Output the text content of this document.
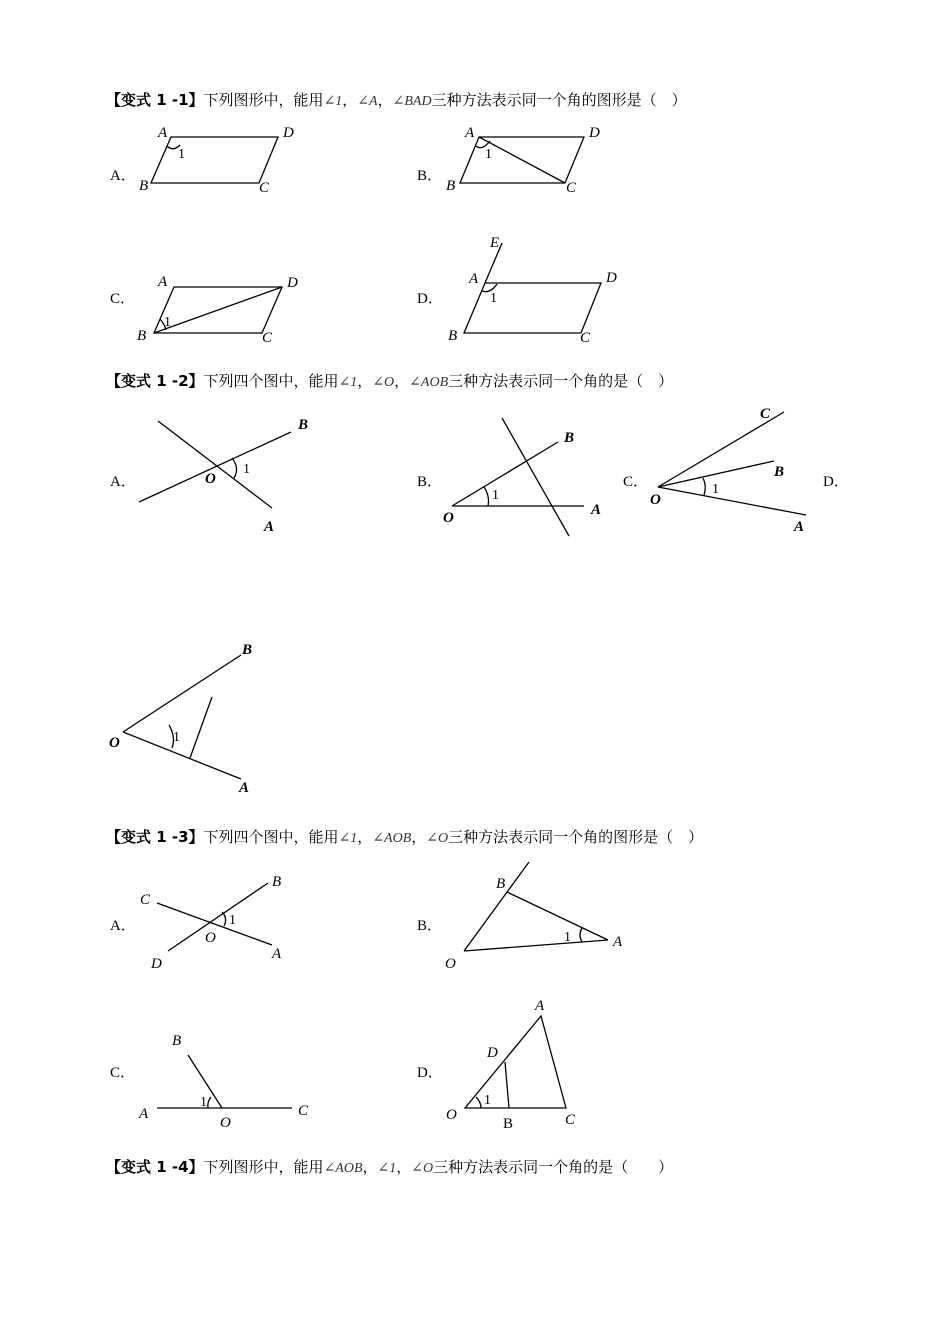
【变式 1 -1】下列图形中，能用∠1，∠A，∠BAD三种方法表示同一个角的图形是（　）
A．
A	D
B	C
1
B．
A	D
B	C
1
C．
A	D
B	C
1
D．
E
A	D
B	C
1
【变式 1 -2】下列四个图中，能用∠1，∠O，∠AOB三种方法表示同一个角的是（　）
A．
B
O
1
A
B．
B
1
O	A
C．
C
B
1
O
A
D．
B
1
O
A
【变式 1 -3】下列四个图中，能用∠1，∠AOB，∠O三种方法表示同一个角的图形是（　）
A．
C
B
1
O
A
D
B．
B
1	A
O
C．
B
A
1
O
C
D．
A
D
O
1
B	C
【变式 1 -4】下列图形中，能用∠AOB，∠1，∠O三种方法表示同一个角的是（　　）
